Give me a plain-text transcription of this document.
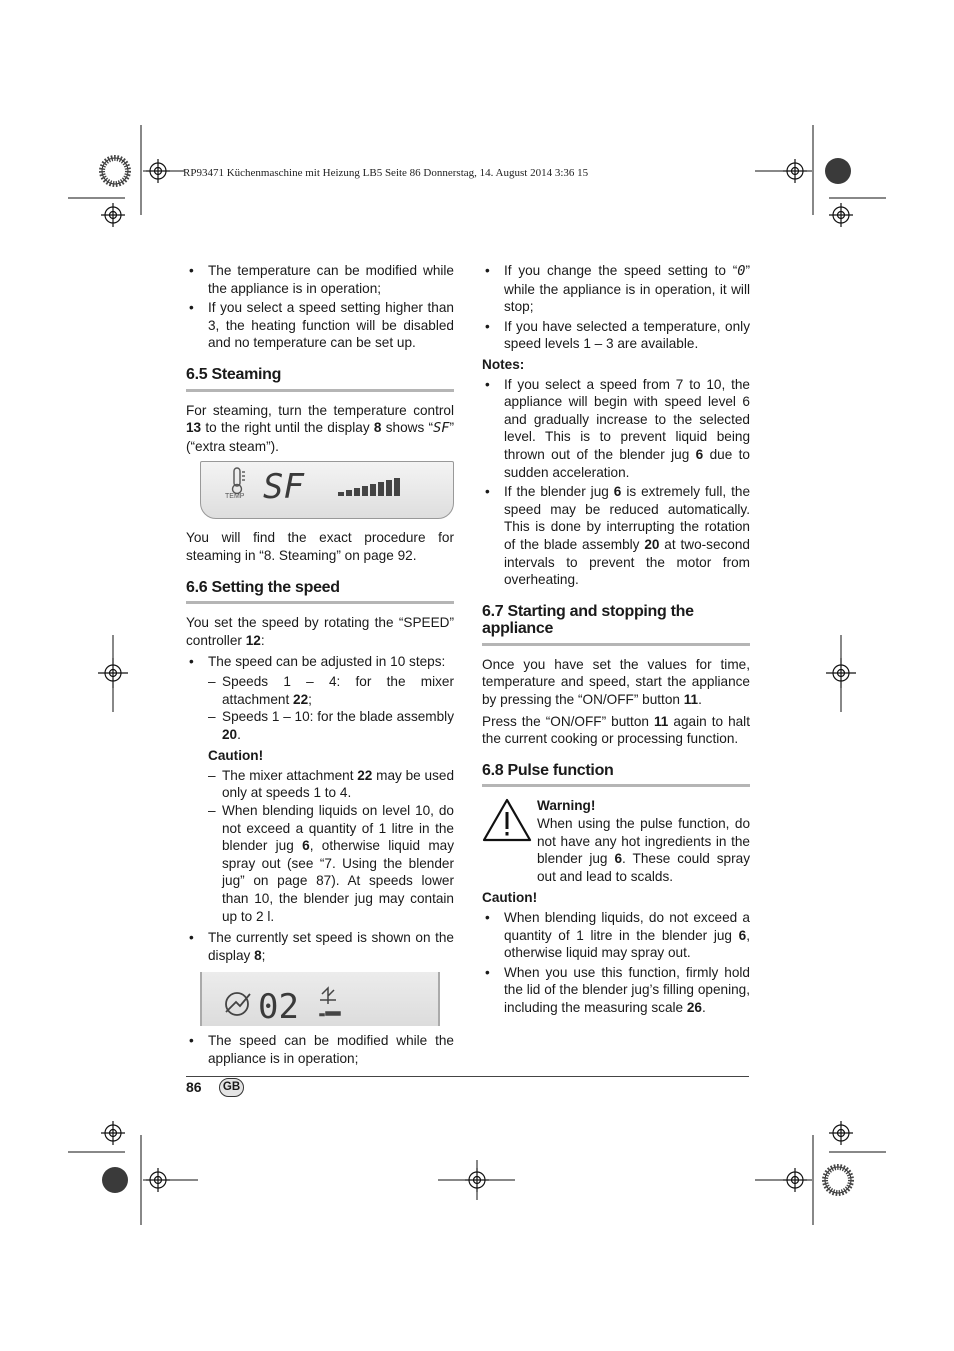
RP93471 Küchenmaschine mit Heizung LB5 Seite 86 Donnerstag, 14. August 2014 3:36 15
• The temperature can be modified while the appliance is in operation;
• If you select a speed setting higher than 3, the heating function will be disabled and no temperature can be set up.
6.5 Steaming

For steaming, turn the temperature control 13 to the right until the display 8 shows “SF” (“extra steam”).

TEMP SF

You will find the exact procedure for steaming in “8. Steaming” on page 92.

6.6 Setting the speed

You set the speed by rotating the “SPEED” controller 12:

• The speed can be adjusted in 10 steps:
– Speeds 1 – 4: for the mixer attachment 22;
– Speeds 1 – 10: for the blade assembly 20.
Caution!
– The mixer attachment 22 may be used only at speeds 1 to 4.
– When blending liquids on level 10, do not exceed a quantity of 1 litre in the blender jug 6, otherwise liquid may spray out (see “7. Using the blender jug” on page 87). At speeds lower than 10, the blender jug may contain up to 2 l.
• The currently set speed is shown on the display 8;
02
• The speed can be modified while the appliance is in operation;
• If you change the speed setting to “0” while the appliance is in operation, it will stop;
• If you have selected a temperature, only speed levels 1 – 3 are available.
Notes:
• If you select a speed from 7 to 10, the appliance will begin with speed level 6 and gradually increase to the selected level. This is to prevent liquid being thrown out of the blender jug 6 due to sudden acceleration.
• If the blender jug 6 is extremely full, the speed may be reduced automatically. This is done by interrupting the rotation of the blade assembly 20 at two-second intervals to prevent the motor from overheating.
6.7 Starting and stopping the appliance

Once you have set the values for time, temperature and speed, start the appliance by pressing the “ON/OFF” button 11.

Press the “ON/OFF” button 11 again to halt the current cooking or processing function.

6.8 Pulse function
Warning!
When using the pulse function, do not have any hot ingredients in the blender jug 6. These could spray out and lead to scalds.
Caution!
• When blending liquids, do not exceed a quantity of 1 litre in the blender jug 6, otherwise liquid may spray out.
• When you use this function, firmly hold the lid of the blender jug’s filling opening, including the measuring scale 26.
86	GB
